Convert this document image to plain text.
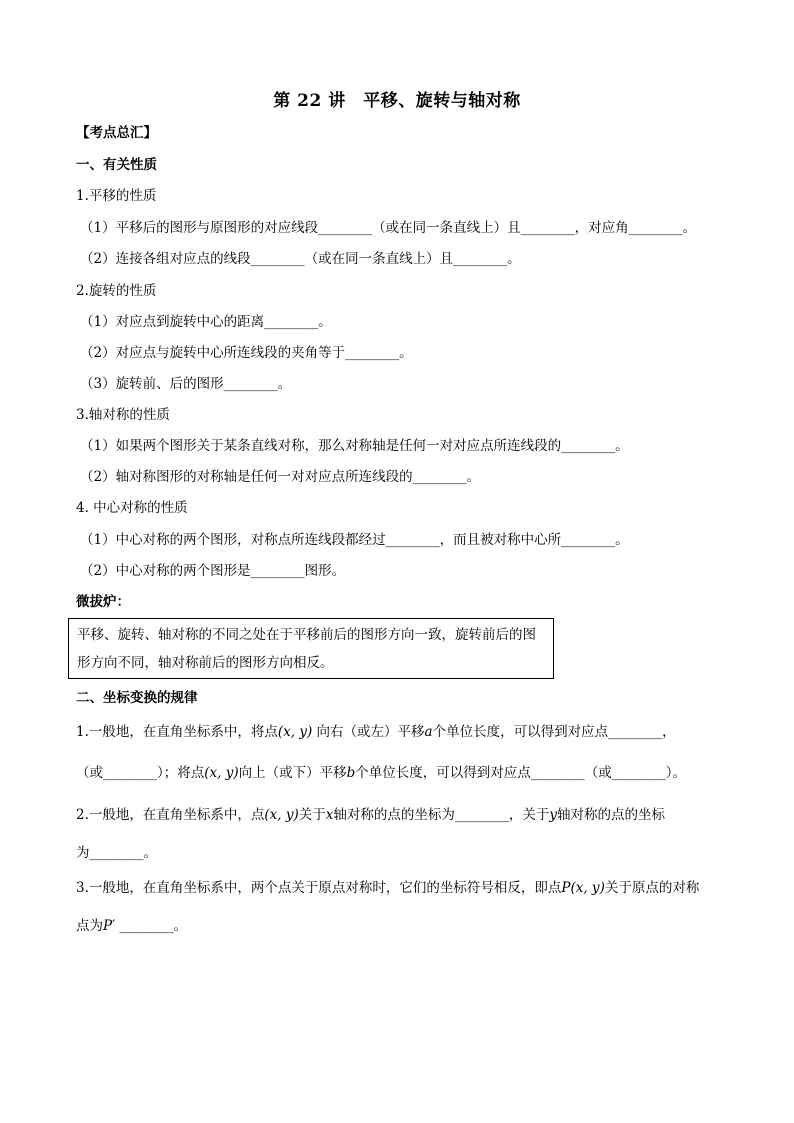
第 22 讲　平移、旋转与轴对称
【考点总汇】
一、有关性质
1.平移的性质
（1）平移后的图形与原图形的对应线段________（或在同一条直线上）且________，对应角________。
（2）连接各组对应点的线段________（或在同一条直线上）且________。
2.旋转的性质
（1）对应点到旋转中心的距离________。
（2）对应点与旋转中心所连线段的夹角等于________。
（3）旋转前、后的图形________。
3.轴对称的性质
（1）如果两个图形关于某条直线对称，那么对称轴是任何一对对应点所连线段的________。
（2）轴对称图形的对称轴是任何一对对应点所连线段的________。
4. 中心对称的性质
（1）中心对称的两个图形，对称点所连线段都经过________，而且被对称中心所________。
（2）中心对称的两个图形是________图形。
微拔炉：
平移、旋转、轴对称的不同之处在于平移前后的图形方向一致，旋转前后的图
形方向不同，轴对称前后的图形方向相反。
二、坐标变换的规律
1.一般地，在直角坐标系中，将点(x, y) 向右（或左）平移a个单位长度，可以得到对应点________，
（或________）；将点(x, y)向上（或下）平移b个单位长度，可以得到对应点________（或________）。
2.一般地，在直角坐标系中，点(x, y)关于x轴对称的点的坐标为________，关于y轴对称的点的坐标
为________。
3.一般地，在直角坐标系中，两个点关于原点对称时，它们的坐标符号相反，即点P(x, y)关于原点的对称
点为P′ ________。
